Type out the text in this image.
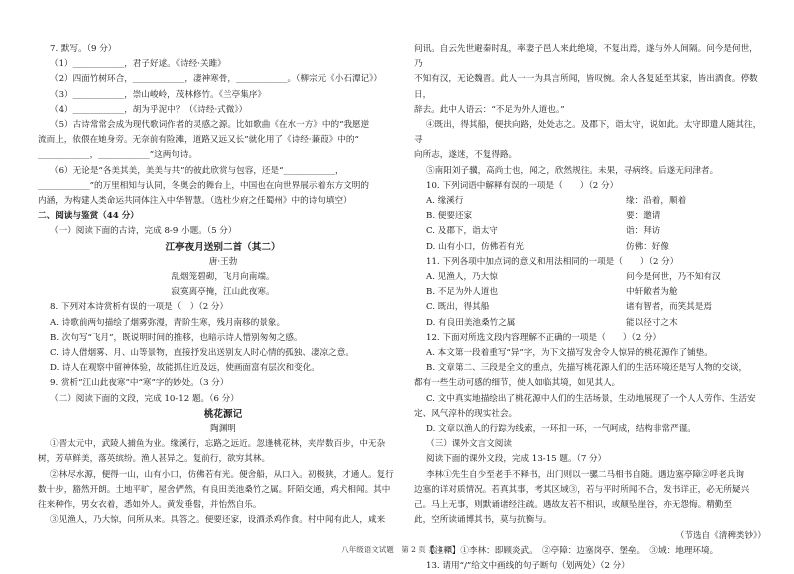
7. 默写。（9 分）

（1）____________，君子好逑。《诗经·关雎》

（2）四面竹树环合，____________，凄神寒骨，____________。（柳宗元《小石潭记》）

（3）____________，崇山峻岭，茂林修竹。《兰亭集序》

（4）____________，胡为乎泥中？（《诗经·式微》）

（5）古诗常常会成为现代歌词作者的灵感之源。比如歌曲《在水一方》中的“我愿逆

流而上，依偎在她身旁。无奈前有险滩，道路又远又长”就化用了《诗经·蒹葭》中的“

____________，____________”这两句诗。

（6）无论是“各美其美，美美与共”的彼此欣赏与包容，还是“____________，

____________”的万里相知与认同，冬奥会的舞台上，中国也在向世界展示着东方文明的

内涵，为构建人类命运共同体注入中华智慧。（选杜少府之任蜀州》中的诗句填空）

二、阅读与鉴赏（44 分）

（一）阅读下面的古诗，完成 8-9 小题。（5 分）

江亭夜月送别二首（其二）

唐·王勃

乱烟笼碧砌，飞月向南端。

寂寞离亭掩，江山此夜寒。

8. 下列对本诗赏析有误的一项是（　）（2 分）

A. 诗歌前两句描绘了烟雾弥漫，青阶生寒，残月南移的景象。

B. 次句写“飞月”，既说明时间的推移，也暗示诗人惜别匆匆之感。

C. 诗人借烟雾、月、山等景物，直接抒发出送别友人时心情的孤独、凄凉之意。

D. 诗人在观察中留神体验，故能抓住近及远，使画面富有层次和变化。

9. 赏析“江山此夜寒”中“寒”字的妙处。（3 分）

（二）阅读下面的文段，完成 10-12 题。（6 分）

桃花源记

陶渊明

①晋太元中，武陵人捕鱼为业。缘溪行，忘路之远近。忽逢桃花林，夹岸数百步，中无杂

树，芳草鲜美，落英缤纷。渔人甚异之。复前行，欲穷其林。

②林尽水源，便得一山，山有小口，仿佛若有光。便舍船，从口入。初极狭，才通人。复行

数十步，豁然开朗。土地平旷，屋舍俨然，有良田美池桑竹之属。阡陌交通，鸡犬相闻。其中

往来种作，男女衣着，悉如外人。黄发垂髫，并怡然自乐。

③见渔人，乃大惊，问所从来。具答之。便要还家，设酒杀鸡作食。村中闻有此人，咸来

问讯。自云先世避秦时乱，率妻子邑人来此绝境，不复出焉，遂与外人间隔。问今是何世，乃

不知有汉，无论魏晋。此人一一为具言所闻，皆叹惋。余人各复延至其家，皆出酒食。停数日，

辞去。此中人语云：“不足为外人道也。”

④既出，得其船，便扶向路，处处志之。及郡下，诣太守，说如此。太守即遣人随其往，寻

向所志，遂迷，不复得路。

⑤南阳刘子骥，高尚士也，闻之，欣然规往。未果，寻病终。后遂无问津者。

10. 下列词语中解释有误的一项是（　　）（2 分）

A. 缘溪行	缘：沿着，顺着
B. 便要还家	要：邀请
C. 及郡下，诣太守	诣：拜访
D. 山有小口，仿佛若有光	仿佛：好像

11. 下列各项中加点词的意义和用法相同的一项是（　　）（2 分）

A. 见渔人，乃大惊	问今是何世，乃不知有汉
B. 不足为外人道也	中轩敞者为舱
C. 既出，得其船	诸有智者，而笑其是焉
D. 有良田美池桑竹之属	能以径寸之木

12. 下面对所选文段内容理解不正确的一项是（　　）（2 分）

A. 本文第一段着重写“异”字，为下文描写发舍令人惊异的桃花源作了铺垫。

B. 文章第二、三段是全文的重点，先描写桃花源人们的生活环境还是写人物的交谈，

都有一些生动可感的细节，使人如临其境，如见其人。

C. 文中真实地描绘出了桃花源中人们的生活场景，生动地展现了一个人人劳作、生活安

定、风气淳朴的现实社会。

D. 文章以渔人的行踪为线索，一环扣一环，一气呵成，结构非常严谨。

（三）课外文言文阅读

阅读下面的课外文段，完成 13-15 题。（7 分）

李林①先生自少至老手不释书，出门则以一骡二马相书自随。遇边塞亭障②呼老兵询

边塞的详对质情况。若真其事，考其区域③，若与平时所闻不合，发书详正，必无所疑兴

己。马上无事，则默诵诸经注疏。遇故友若不相识，或颠坠崖谷，亦无怨悔。精勤至

此，空所读诵博其书，莫与抗衡与。

（节选自《清稗类钞》）

【注释】①李林：即顾炎武。　②亭障：边塞岗亭、堡垒。　③域：地理环境。

13. 请用“/”给文中画线的句子断句（划两处）（2 分）

八年级语文试题　第 2 页 共 4 页
